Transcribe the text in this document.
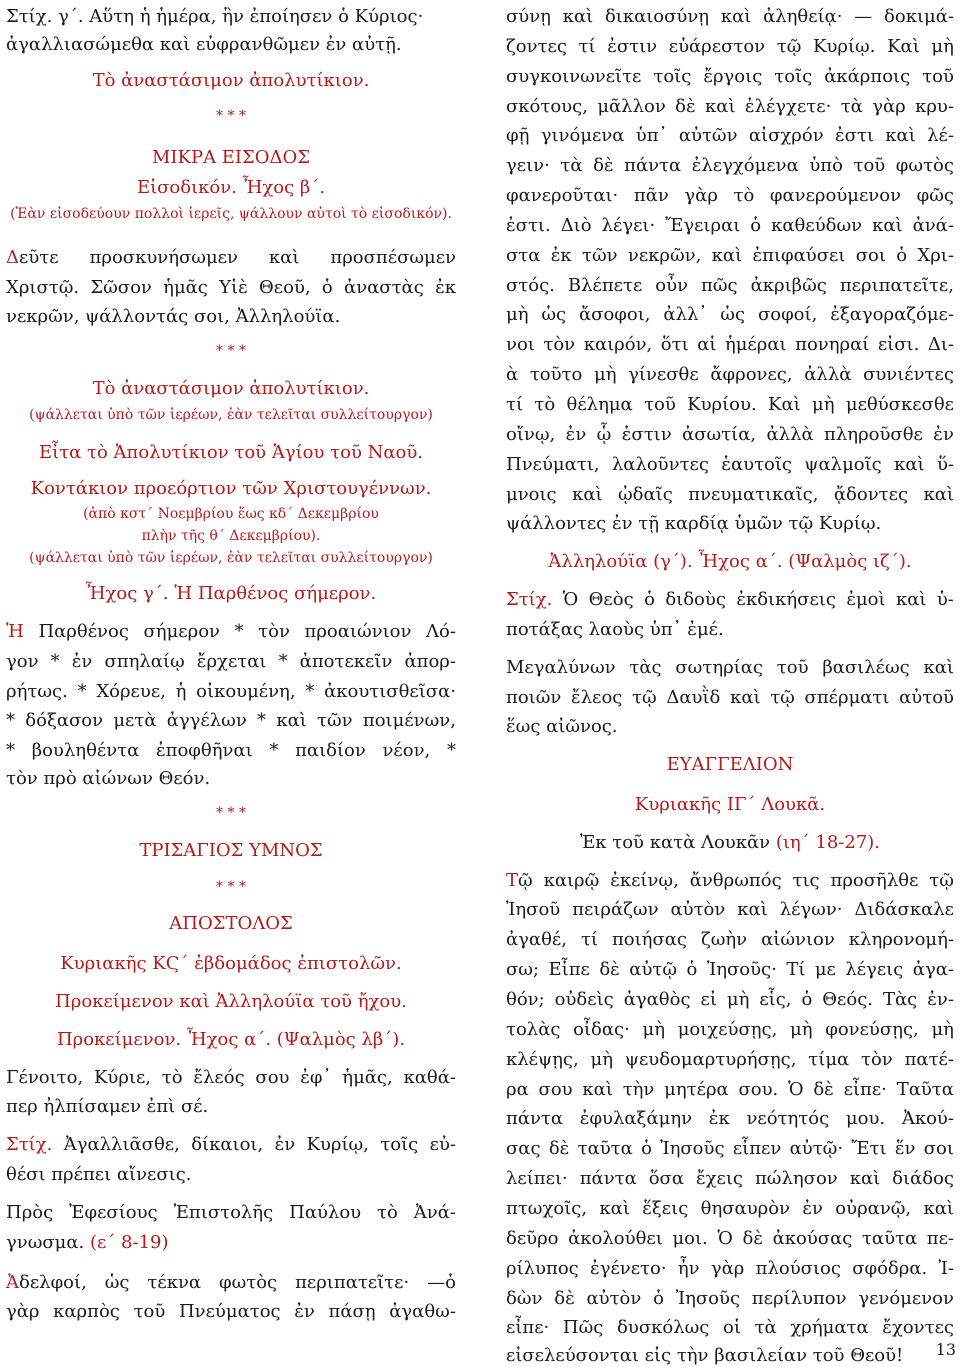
Στίχ. γ΄. Αὕτη ἡ ἡμέρα, ἣν ἐποίησεν ὁ Κύριος·
ἀγαλλιασώμεθα καὶ εὐφρανθῶμεν ἐν αὐτῇ.
Τὸ ἀναστάσιμον ἀπολυτίκιον.
* * *
ΜΙΚΡΑ ΕΙΣΟΔΟΣ
Εἰσοδικόν. Ἦχος β΄.
(Ἐὰν εἰσοδεύουν πολλοὶ ἱερεῖς, ψάλλουν αὐτοὶ τὸ εἰσοδικόν).
Δεῦτε προσκυνήσωμεν καὶ προσπέσωμεν
Χριστῷ. Σῶσον ἡμᾶς Υἱὲ Θεοῦ, ὁ ἀναστὰς ἐκ
νεκρῶν, ψάλλοντάς σοι, Ἀλληλούϊα.
* * *
Τὸ ἀναστάσιμον ἀπολυτίκιον.
(ψάλλεται ὑπὸ τῶν ἱερέων, ἐὰν τελεῖται συλλείτουργον)
Εἶτα τὸ Ἀπολυτίκιον τοῦ Ἁγίου τοῦ Ναοῦ.
Κοντάκιον προεόρτιον τῶν Χριστουγέννων.
(ἀπὸ κστ΄ Νοεμβρίου ἕως κδ΄ Δεκεμβρίου
πλὴν τῆς θ΄ Δεκεμβρίου).
(ψάλλεται ὑπὸ τῶν ἱερέων, ἐὰν τελεῖται συλλείτουργον)
Ἦχος γ΄. Ἡ Παρθένος σήμερον.
Ἡ Παρθένος σήμερον * τὸν προαιώνιον Λό-
γον * ἐν σπηλαίῳ ἔρχεται * ἀποτεκεῖν ἀπορ-
ρήτως. * Χόρευε, ἡ οἰκουμένη, * ἀκουτισθεῖσα·
* δόξασον μετὰ ἀγγέλων * καὶ τῶν ποιμένων,
* βουληθέντα ἐποφθῆναι * παιδίον νέον, *
τὸν πρὸ αἰώνων Θεόν.
* * *
ΤΡΙΣΑΓΙΟΣ ΥΜΝΟΣ
* * *
ΑΠΟΣΤΟΛΟΣ
Κυριακῆς ΚϚ΄ ἑβδομάδος ἐπιστολῶν.
Προκείμενον καὶ Ἀλληλούϊα τοῦ ἤχου.
Προκείμενον. Ἦχος α΄. (Ψαλμὸς λβ΄).
Γένοιτο, Κύριε, τὸ ἔλεός σου ἐφ᾽ ἡμᾶς, καθά-
περ ἠλπίσαμεν ἐπὶ σέ.
Στίχ. Ἀγαλλιᾶσθε, δίκαιοι, ἐν Κυρίῳ, τοῖς εὐ-
θέσι πρέπει αἴνεσις.
Πρὸς Ἐφεσίους Ἐπιστολῆς Παύλου τὸ Ἀνά-
γνωσμα. (ε΄ 8-19)
Ἀδελφοί, ὡς τέκνα φωτὸς περιπατεῖτε· —ὁ
γὰρ καρπὸς τοῦ Πνεύματος ἐν πάσῃ ἀγαθω-
σύνῃ καὶ δικαιοσύνῃ καὶ ἀληθείᾳ· — δοκιμά-
ζοντες τί ἐστιν εὐάρεστον τῷ Κυρίῳ. Καὶ μὴ
συγκοινωνεῖτε τοῖς ἔργοις τοῖς ἀκάρποις τοῦ
σκότους, μᾶλλον δὲ καὶ ἐλέγχετε· τὰ γὰρ κρυ-
φῇ γινόμενα ὑπ᾽ αὐτῶν αἰσχρόν ἐστι καὶ λέ-
γειν· τὰ δὲ πάντα ἐλεγχόμενα ὑπὸ τοῦ φωτὸς
φανεροῦται· πᾶν γὰρ τὸ φανερούμενον φῶς
ἐστι. Διὸ λέγει· Ἔγειραι ὁ καθεύδων καὶ ἀνά-
στα ἐκ τῶν νεκρῶν, καὶ ἐπιφαύσει σοι ὁ Χρι-
στός. Βλέπετε οὖν πῶς ἀκριβῶς περιπατεῖτε,
μὴ ὡς ἄσοφοι, ἀλλ᾽ ὡς σοφοί, ἐξαγοραζόμε-
νοι τὸν καιρόν, ὅτι αἱ ἡμέραι πονηραί εἰσι. Δι-
ὰ τοῦτο μὴ γίνεσθε ἄφρονες, ἀλλὰ συνιέντες
τί τὸ θέλημα τοῦ Κυρίου. Καὶ μὴ μεθύσκεσθε
οἴνῳ, ἐν ᾧ ἐστιν ἀσωτία, ἀλλὰ πληροῦσθε ἐν
Πνεύματι, λαλοῦντες ἑαυτοῖς ψαλμοῖς καὶ ὕ-
μνοις καὶ ᾠδαῖς πνευματικαῖς, ᾄδοντες καὶ
ψάλλοντες ἐν τῇ καρδίᾳ ὑμῶν τῷ Κυρίῳ.
Ἀλληλούϊα (γ΄). Ἦχος α΄. (Ψαλμὸς ιζ΄).
Στίχ. Ὁ Θεὸς ὁ διδοὺς ἐκδικήσεις ἐμοὶ καὶ ὑ-
ποτάξας λαοὺς ὑπ᾽ ἐμέ.
Μεγαλύνων τὰς σωτηρίας τοῦ βασιλέως καὶ
ποιῶν ἔλεος τῷ Δαυῒδ καὶ τῷ σπέρματι αὐτοῦ
ἕως αἰῶνος.
ΕΥΑΓΓΕΛΙΟΝ
Κυριακῆς ΙΓ΄ Λουκᾶ.
Ἐκ τοῦ κατὰ Λουκᾶν (ιη΄ 18-27).
Τῷ καιρῷ ἐκείνῳ, ἄνθρωπός τις προσῆλθε τῷ
Ἰησοῦ πειράζων αὐτὸν καὶ λέγων· Διδάσκαλε
ἀγαθέ, τί ποιήσας ζωὴν αἰώνιον κληρονομή-
σω; Εἶπε δὲ αὐτῷ ὁ Ἰησοῦς· Τί με λέγεις ἀγα-
θόν; οὐδεὶς ἀγαθὸς εἰ μὴ εἷς, ὁ Θεός. Τὰς ἐν-
τολὰς οἶδας· μὴ μοιχεύσῃς, μὴ φονεύσῃς, μὴ
κλέψῃς, μὴ ψευδομαρτυρήσῃς, τίμα τὸν πατέ-
ρα σου καὶ τὴν μητέρα σου. Ὁ δὲ εἶπε· Ταῦτα
πάντα ἐφυλαξάμην ἐκ νεότητός μου. Ἀκού-
σας δὲ ταῦτα ὁ Ἰησοῦς εἶπεν αὐτῷ· Ἔτι ἕν σοι
λείπει· πάντα ὅσα ἔχεις πώλησον καὶ διάδος
πτωχοῖς, καὶ ἕξεις θησαυρὸν ἐν οὐρανῷ, καὶ
δεῦρο ἀκολούθει μοι. Ὁ δὲ ἀκούσας ταῦτα πε-
ρίλυπος ἐγένετο· ἦν γὰρ πλούσιος σφόδρα. Ἰ-
δὼν δὲ αὐτὸν ὁ Ἰησοῦς περίλυπον γενόμενον
εἶπε· Πῶς δυσκόλως οἱ τὰ χρήματα ἔχοντες
εἰσελεύσονται εἰς τὴν βασιλείαν τοῦ Θεοῦ!	13
